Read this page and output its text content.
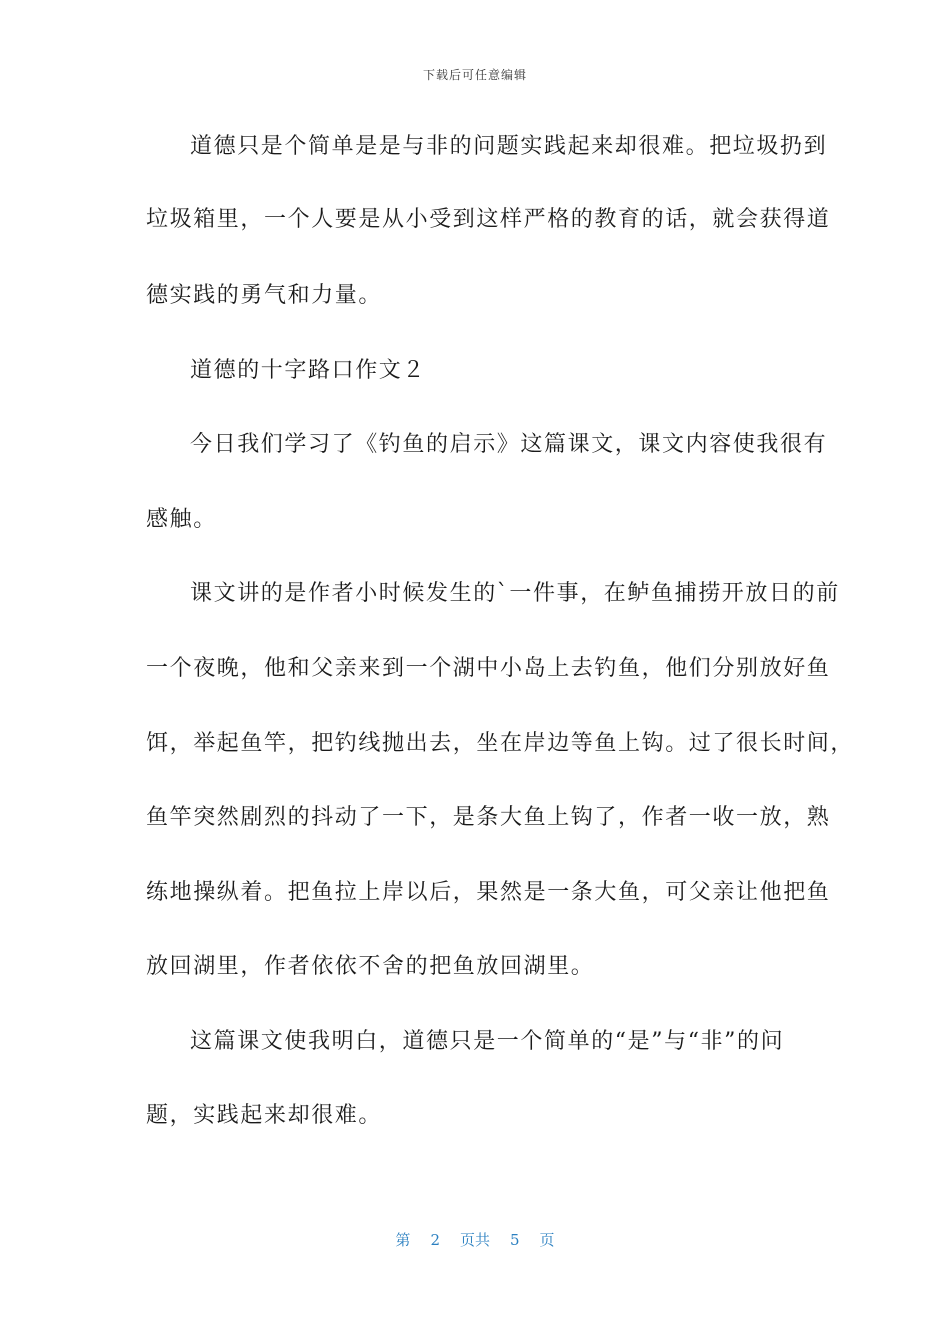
下载后可任意编辑
道德只是个简单是是与非的问题实践起来却很难。把垃圾扔到
垃圾箱里，一个人要是从小受到这样严格的教育的话，就会获得道
德实践的勇气和力量。
道德的十字路口作文２
今日我们学习了《钓鱼的启示》这篇课文，课文内容使我很有
感触。
课文讲的是作者小时候发生的`一件事，在鲈鱼捕捞开放日的前
一个夜晚，他和父亲来到一个湖中小岛上去钓鱼，他们分别放好鱼
饵，举起鱼竿，把钓线抛出去，坐在岸边等鱼上钩。过了很长时间，
鱼竿突然剧烈的抖动了一下，是条大鱼上钩了，作者一收一放，熟
练地操纵着。把鱼拉上岸以后，果然是一条大鱼，可父亲让他把鱼
放回湖里，作者依依不舍的把鱼放回湖里。
这篇课文使我明白，道德只是一个简单的“是”与“非”的问
题，实践起来却很难。
第 2 页共 5 页
